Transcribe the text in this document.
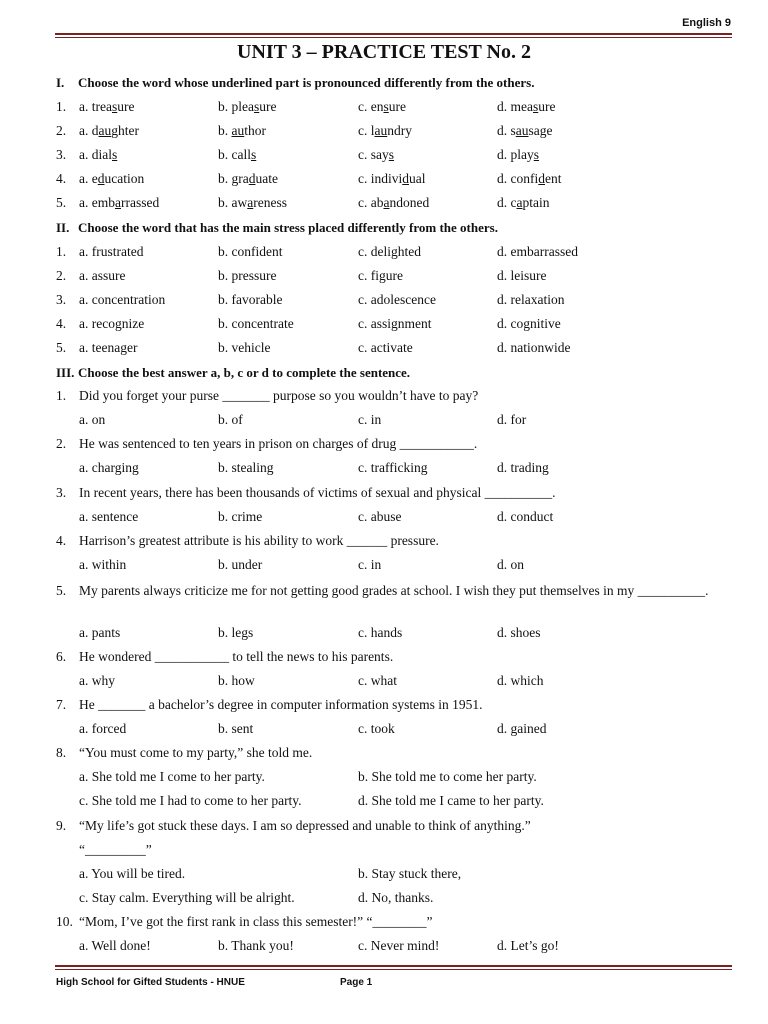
English 9
UNIT 3 – PRACTICE TEST No. 2
I. Choose the word whose underlined part is pronounced differently from the others.
1. a. treasure	b. pleasure	c. ensure	d. measure
2. a. daughter	b. author	c. laundry	d. sausage
3. a. dials	b. calls	c. says	d. plays
4. a. education	b. graduate	c. individual	d. confident
5. a. embarrassed	b. awareness	c. abandoned	d. captain
II. Choose the word that has the main stress placed differently from the others.
1. a. frustrated	b. confident	c. delighted	d. embarrassed
2. a. assure	b. pressure	c. figure	d. leisure
3. a. concentration	b. favorable	c. adolescence	d. relaxation
4. a. recognize	b. concentrate	c. assignment	d. cognitive
5. a. teenager	b. vehicle	c. activate	d. nationwide
III. Choose the best answer a, b, c or d to complete the sentence.
1. Did you forget your purse _______ purpose so you wouldn’t have to pay?
a. on	b. of	c. in	d. for
2. He was sentenced to ten years in prison on charges of drug ___________.
a. charging	b. stealing	c. trafficking	d. trading
3. In recent years, there has been thousands of victims of sexual and physical __________.
a. sentence	b. crime	c. abuse	d. conduct
4. Harrison’s greatest attribute is his ability to work ______ pressure.
a. within	b. under	c. in	d. on
5. My parents always criticize me for not getting good grades at school. I wish they put themselves in my __________.
a. pants	b. legs	c. hands	d. shoes
6. He wondered ___________ to tell the news to his parents.
a. why	b. how	c. what	d. which
7. He _______ a bachelor’s degree in computer information systems in 1951.
a. forced	b. sent	c. took	d. gained
8. “You must come to my party,” she told me.
a. She told me I come to her party.	b. She told me to come her party.
c. She told me I had to come to her party.	d. She told me I came to her party.
9. “My life’s got stuck these days. I am so depressed and unable to think of anything.”
“_________”
a. You will be tired.	b. Stay stuck there,
c. Stay calm. Everything will be alright.	d. No, thanks.
10. “Mom, I’ve got the first rank in class this semester!” “________”
a. Well done!	b. Thank you!	c. Never mind!	d. Let’s go!
High School for Gifted Students - HNUE	Page 1
